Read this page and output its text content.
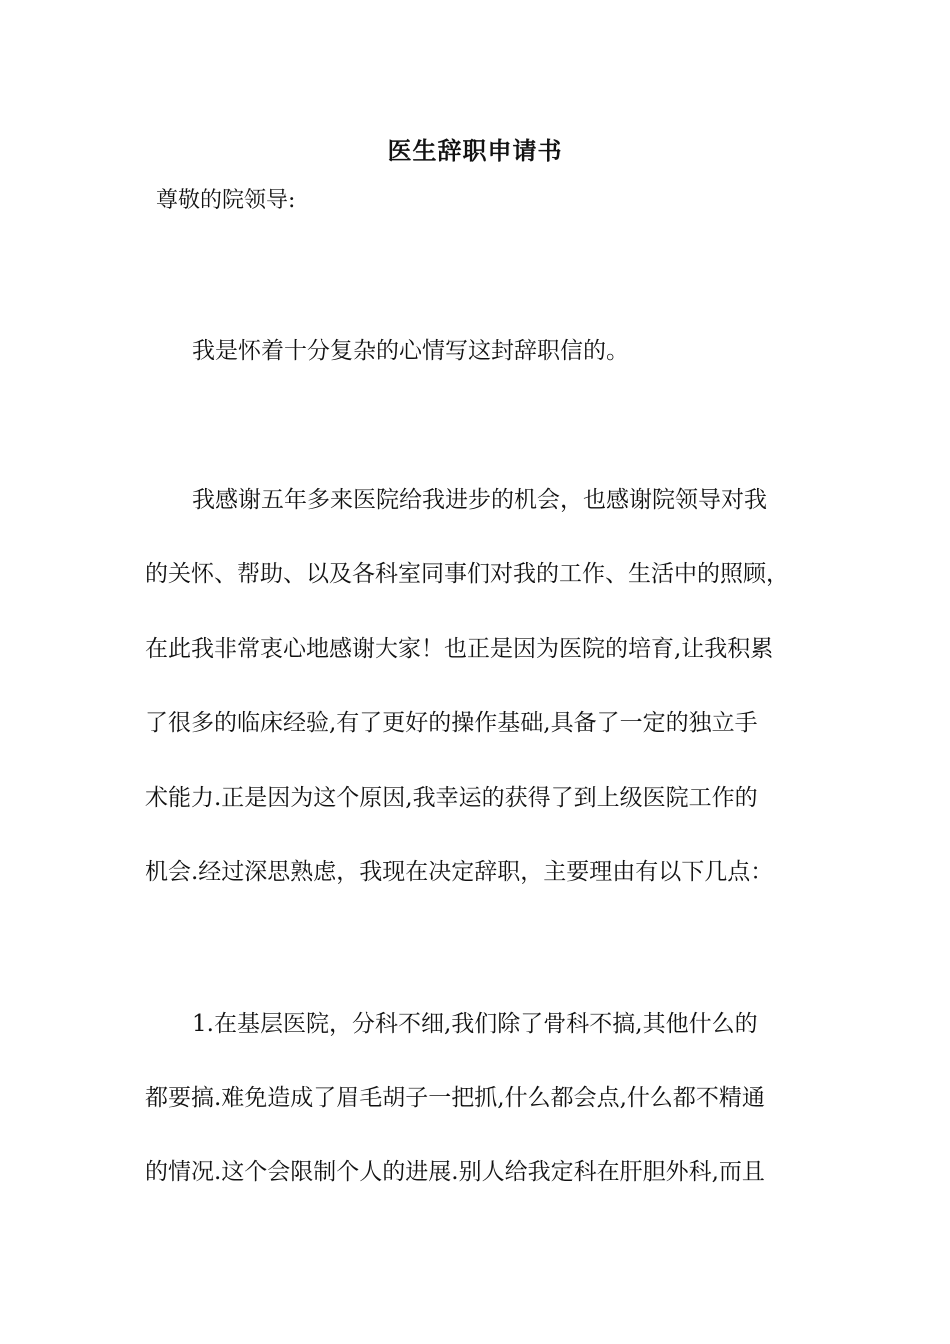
医生辞职申请书
尊敬的院领导:
我是怀着十分复杂的心情写这封辞职信的。
我感谢五年多来医院给我进步的机会，也感谢院领导对我
的关怀、帮助、以及各科室同事们对我的工作、生活中的照顾，
在此我非常衷心地感谢大家！也正是因为医院的培育,让我积累
了很多的临床经验,有了更好的操作基础,具备了一定的独立手
术能力.正是因为这个原因,我幸运的获得了到上级医院工作的
机会.经过深思熟虑，我现在决定辞职，主要理由有以下几点：
1.在基层医院，分科不细,我们除了骨科不搞,其他什么的
都要搞.难免造成了眉毛胡子一把抓,什么都会点,什么都不精通
的情况.这个会限制个人的进展.别人给我定科在肝胆外科,而且
